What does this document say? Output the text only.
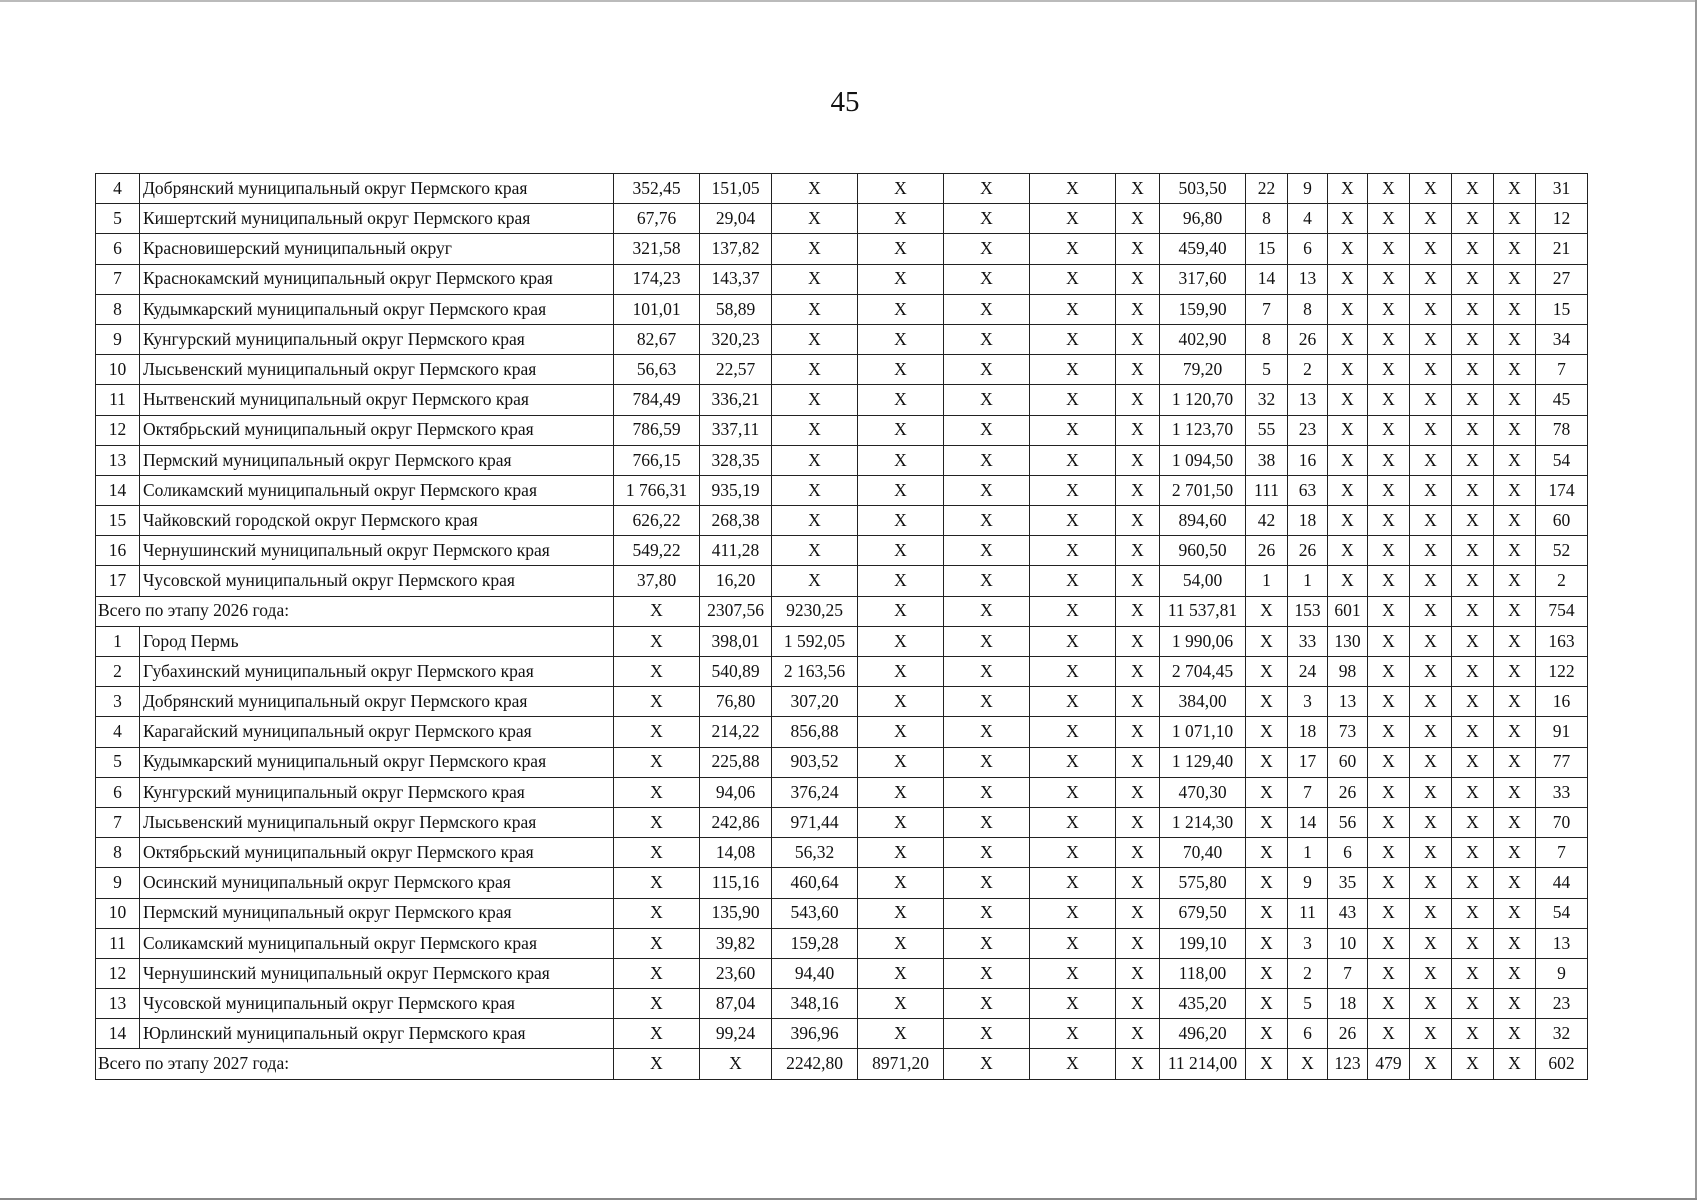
45
4	Добрянский муниципальный округ Пермского края	352,45	151,05	X	X	X	X	X	503,50	22	9	X	X	X	X	X	31
5	Кишертский муниципальный округ Пермского края	67,76	29,04	X	X	X	X	X	96,80	8	4	X	X	X	X	X	12
6	Красновишерский муниципальный округ	321,58	137,82	X	X	X	X	X	459,40	15	6	X	X	X	X	X	21
7	Краснокамский муниципальный округ Пермского края	174,23	143,37	X	X	X	X	X	317,60	14	13	X	X	X	X	X	27
8	Кудымкарский муниципальный округ Пермского края	101,01	58,89	X	X	X	X	X	159,90	7	8	X	X	X	X	X	15
9	Кунгурский муниципальный округ Пермского края	82,67	320,23	X	X	X	X	X	402,90	8	26	X	X	X	X	X	34
10	Лысьвенский муниципальный округ Пермского края	56,63	22,57	X	X	X	X	X	79,20	5	2	X	X	X	X	X	7
11	Нытвенский муниципальный округ Пермского края	784,49	336,21	X	X	X	X	X	1 120,70	32	13	X	X	X	X	X	45
12	Октябрьский муниципальный округ Пермского края	786,59	337,11	X	X	X	X	X	1 123,70	55	23	X	X	X	X	X	78
13	Пермский муниципальный округ Пермского края	766,15	328,35	X	X	X	X	X	1 094,50	38	16	X	X	X	X	X	54
14	Соликамский муниципальный округ Пермского края	1 766,31	935,19	X	X	X	X	X	2 701,50	111	63	X	X	X	X	X	174
15	Чайковский городской округ Пермского края	626,22	268,38	X	X	X	X	X	894,60	42	18	X	X	X	X	X	60
16	Чернушинский муниципальный округ Пермского края	549,22	411,28	X	X	X	X	X	960,50	26	26	X	X	X	X	X	52
17	Чусовской муниципальный округ Пермского края	37,80	16,20	X	X	X	X	X	54,00	1	1	X	X	X	X	X	2
Всего по этапу 2026 года:		X	2307,56	9230,25	X	X	X	X	11 537,81	X	153	601	X	X	X	X	754
1	Город Пермь	X	398,01	1 592,05	X	X	X	X	1 990,06	X	33	130	X	X	X	X	163
2	Губахинский муниципальный округ Пермского края	X	540,89	2 163,56	X	X	X	X	2 704,45	X	24	98	X	X	X	X	122
3	Добрянский муниципальный округ Пермского края	X	76,80	307,20	X	X	X	X	384,00	X	3	13	X	X	X	X	16
4	Карагайский муниципальный округ Пермского края	X	214,22	856,88	X	X	X	X	1 071,10	X	18	73	X	X	X	X	91
5	Кудымкарский муниципальный округ Пермского края	X	225,88	903,52	X	X	X	X	1 129,40	X	17	60	X	X	X	X	77
6	Кунгурский муниципальный округ Пермского края	X	94,06	376,24	X	X	X	X	470,30	X	7	26	X	X	X	X	33
7	Лысьвенский муниципальный округ Пермского края	X	242,86	971,44	X	X	X	X	1 214,30	X	14	56	X	X	X	X	70
8	Октябрьский муниципальный округ Пермского края	X	14,08	56,32	X	X	X	X	70,40	X	1	6	X	X	X	X	7
9	Осинский муниципальный округ Пермского края	X	115,16	460,64	X	X	X	X	575,80	X	9	35	X	X	X	X	44
10	Пермский муниципальный округ Пермского края	X	135,90	543,60	X	X	X	X	679,50	X	11	43	X	X	X	X	54
11	Соликамский муниципальный округ Пермского края	X	39,82	159,28	X	X	X	X	199,10	X	3	10	X	X	X	X	13
12	Чернушинский муниципальный округ Пермского края	X	23,60	94,40	X	X	X	X	118,00	X	2	7	X	X	X	X	9
13	Чусовской муниципальный округ Пермского края	X	87,04	348,16	X	X	X	X	435,20	X	5	18	X	X	X	X	23
14	Юрлинский муниципальный округ Пермского края	X	99,24	396,96	X	X	X	X	496,20	X	6	26	X	X	X	X	32
Всего по этапу 2027 года:		X	X	2242,80	8971,20	X	X	X	11 214,00	X	X	123	479	X	X	X	602
